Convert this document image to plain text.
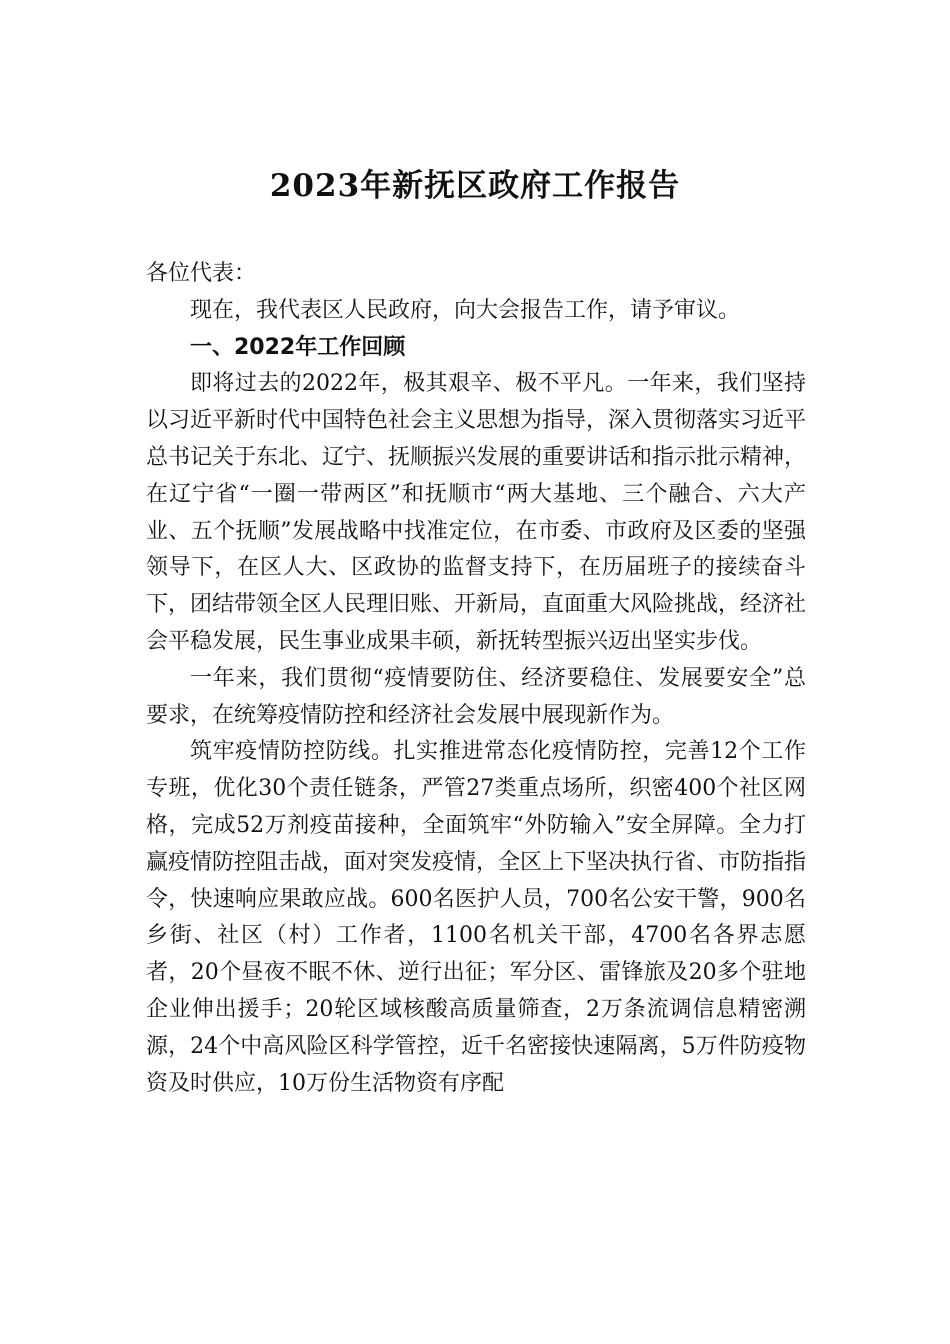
2023年新抚区政府工作报告

各位代表：

现在，我代表区人民政府，向大会报告工作，请予审议。

一、2022年工作回顾

即将过去的2022年，极其艰辛、极不平凡。一年来，我们坚持以习近平新时代中国特色社会主义思想为指导，深入贯彻落实习近平总书记关于东北、辽宁、抚顺振兴发展的重要讲话和指示批示精神，在辽宁省“一圈一带两区”和抚顺市“两大基地、三个融合、六大产业、五个抚顺”发展战略中找准定位，在市委、市政府及区委的坚强领导下，在区人大、区政协的监督支持下，在历届班子的接续奋斗下，团结带领全区人民理旧账、开新局，直面重大风险挑战，经济社会平稳发展，民生事业成果丰硕，新抚转型振兴迈出坚实步伐。

一年来，我们贯彻“疫情要防住、经济要稳住、发展要安全”总要求，在统筹疫情防控和经济社会发展中展现新作为。

筑牢疫情防控防线。扎实推进常态化疫情防控，完善12个工作专班，优化30个责任链条，严管27类重点场所，织密400个社区网格，完成52万剂疫苗接种，全面筑牢“外防输入”安全屏障。全力打赢疫情防控阻击战，面对突发疫情，全区上下坚决执行省、市防指指令，快速响应果敢应战。600名医护人员，700名公安干警，900名乡街、社区（村）工作者，1100名机关干部，4700名各界志愿者，20个昼夜不眠不休、逆行出征；军分区、雷锋旅及20多个驻地企业伸出援手；20轮区域核酸高质量筛查，2万条流调信息精密溯源，24个中高风险区科学管控，近千名密接快速隔离，5万件防疫物资及时供应，10万份生活物资有序配
